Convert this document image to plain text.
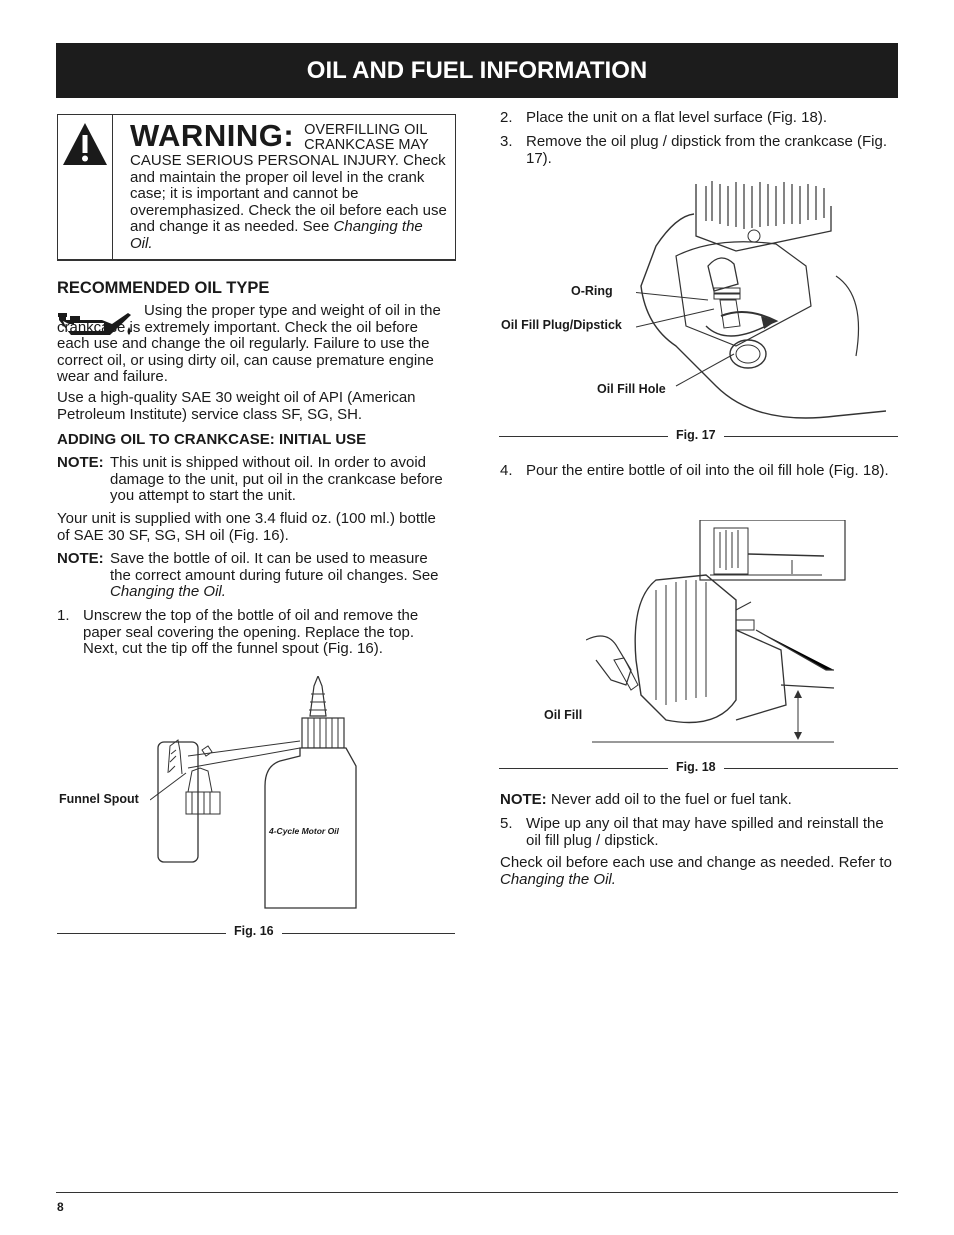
OIL AND FUEL INFORMATION
WARNING: OVERFILLING OIL CRANKCASE MAY
CAUSE SERIOUS PERSONAL INJURY. Check and maintain the proper oil level in the crank case; it is important and cannot be overemphasized. Check the oil before each use and change it as needed. See Changing the Oil.
RECOMMENDED OIL TYPE
Using the proper type and weight of oil in the crankcase is extremely important. Check the oil before each use and change the oil regularly. Failure to use the correct oil, or using dirty oil, can cause premature engine wear and failure.
Use a high-quality SAE 30 weight oil of API (American Petroleum Institute) service class SF, SG, SH.
ADDING OIL TO CRANKCASE: INITIAL USE
NOTE: This unit is shipped without oil. In order to avoid damage to the unit, put oil in the crankcase before you attempt to start the unit.
Your unit is supplied with one 3.4 fluid oz. (100 ml.) bottle of SAE 30 SF, SG, SH oil (Fig. 16).
NOTE: Save the bottle of oil. It can be used to measure the correct amount during future oil changes. See Changing the Oil.
1. Unscrew the top of the bottle of oil and remove the paper seal covering the opening. Replace the top. Next, cut the tip off the funnel spout (Fig. 16).
4-Cycle Motor Oil
Funnel Spout
Fig. 16
2. Place the unit on a flat level surface (Fig. 18).
3. Remove the oil plug / dipstick from the crankcase (Fig. 17).
O-Ring
Oil Fill Plug/Dipstick
Oil Fill Hole
Fig. 17
4. Pour the entire bottle of oil into the oil fill hole (Fig. 18).
Oil Fill
Fig. 18
NOTE: Never add oil to the fuel or fuel tank.
5. Wipe up any oil that may have spilled and reinstall the oil fill plug / dipstick.
Check oil before each use and change as needed. Refer to Changing the Oil.
8
